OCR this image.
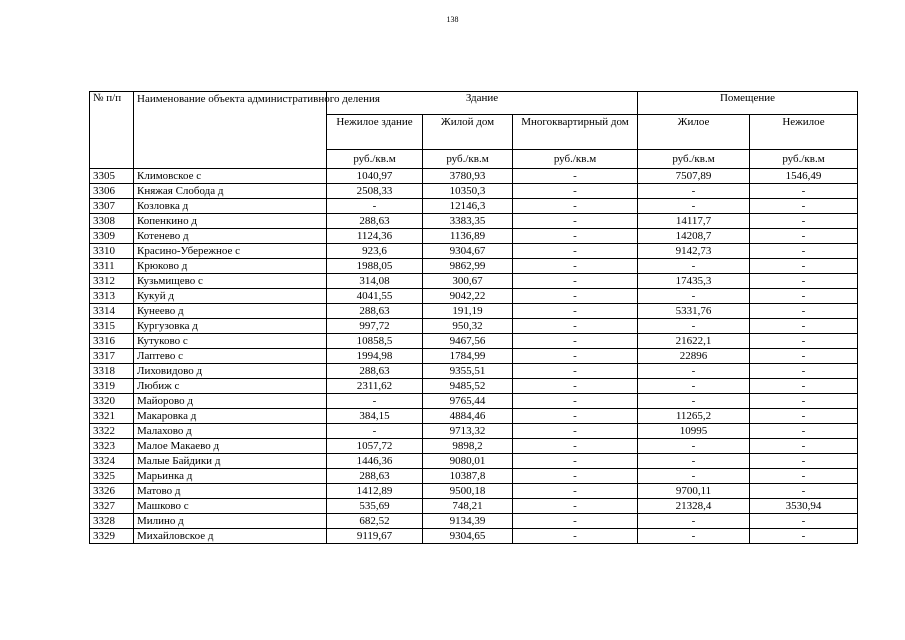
138
№ п/п	Наименование объекта административного деления	Здание			Помещение	
		Нежилое здание	Жилой дом	Многоквартирный дом	Жилое	Нежилое
		руб./кв.м	руб./кв.м	руб./кв.м	руб./кв.м	руб./кв.м
3305	Климовское с	1040,97	3780,93	-	7507,89	1546,49
3306	Княжая Слобода д	2508,33	10350,3	-	-	-
3307	Козловка д	-	12146,3	-	-	-
3308	Копенкино д	288,63	3383,35	-	14117,7	-
3309	Котенево д	1124,36	1136,89	-	14208,7	-
3310	Красино-Убережное с	923,6	9304,67	-	9142,73	-
3311	Крюково д	1988,05	9862,99	-	-	-
3312	Кузьмищево с	314,08	300,67	-	17435,3	-
3313	Кукуй д	4041,55	9042,22	-	-	-
3314	Кунеево д	288,63	191,19	-	5331,76	-
3315	Кургузовка д	997,72	950,32	-	-	-
3316	Кутуково с	10858,5	9467,56	-	21622,1	-
3317	Лаптево с	1994,98	1784,99	-	22896	-
3318	Лиховидово д	288,63	9355,51	-	-	-
3319	Любиж с	2311,62	9485,52	-	-	-
3320	Майорово д	-	9765,44	-	-	-
3321	Макаровка д	384,15	4884,46	-	11265,2	-
3322	Малахово д	-	9713,32	-	10995	-
3323	Малое Макаево д	1057,72	9898,2	-	-	-
3324	Малые Байдики д	1446,36	9080,01	-	-	-
3325	Марьинка д	288,63	10387,8	-	-	-
3326	Матово д	1412,89	9500,18	-	9700,11	-
3327	Машково с	535,69	748,21	-	21328,4	3530,94
3328	Милино д	682,52	9134,39	-	-	-
3329	Михайловское д	9119,67	9304,65	-	-	-
